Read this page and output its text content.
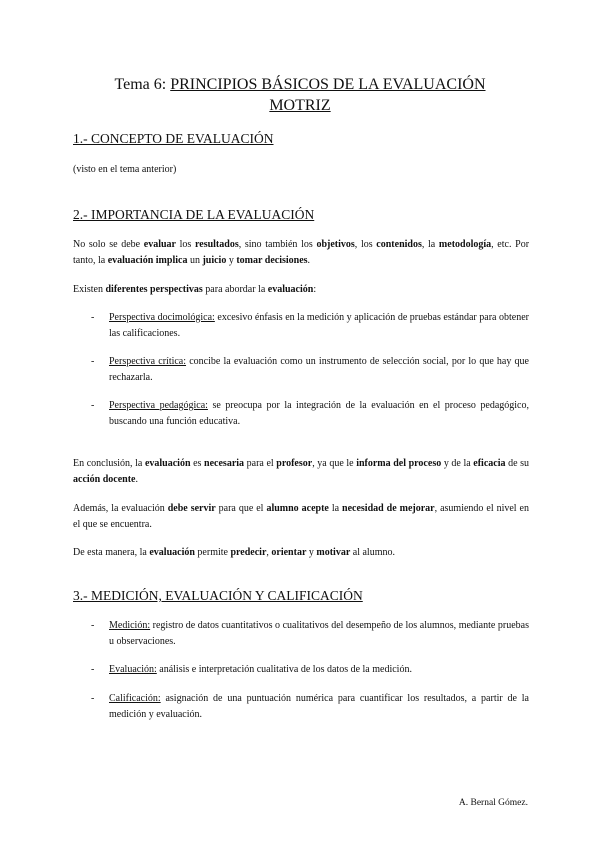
Tema 6: PRINCIPIOS BÁSICOS DE LA EVALUACIÓN
MOTRIZ
1.- CONCEPTO DE EVALUACIÓN

(visto en el tema anterior)

2.- IMPORTANCIA DE LA EVALUACIÓN

No solo se debe evaluar los resultados, sino también los objetivos, los contenidos, la metodología, etc. Por tanto, la evaluación implica un juicio y tomar decisiones.

Existen diferentes perspectivas para abordar la evaluación:

- Perspectiva docimológica: excesivo énfasis en la medición y aplicación de pruebas estándar para obtener las calificaciones.
- Perspectiva crítica: concibe la evaluación como un instrumento de selección social, por lo que hay que rechazarla.
- Perspectiva pedagógica: se preocupa por la integración de la evaluación en el proceso pedagógico, buscando una función educativa.

En conclusión, la evaluación es necesaria para el profesor, ya que le informa del proceso y de la eficacia de su acción docente.

Además, la evaluación debe servir para que el alumno acepte la necesidad de mejorar, asumiendo el nivel en el que se encuentra.

De esta manera, la evaluación permite predecir, orientar y motivar al alumno.

3.- MEDICIÓN, EVALUACIÓN Y CALIFICACIÓN
- Medición: registro de datos cuantitativos o cualitativos del desempeño de los alumnos, mediante pruebas u observaciones.
- Evaluación: análisis e interpretación cualitativa de los datos de la medición.
- Calificación: asignación de una puntuación numérica para cuantificar los resultados, a partir de la medición y evaluación.
A. Bernal Gómez.
